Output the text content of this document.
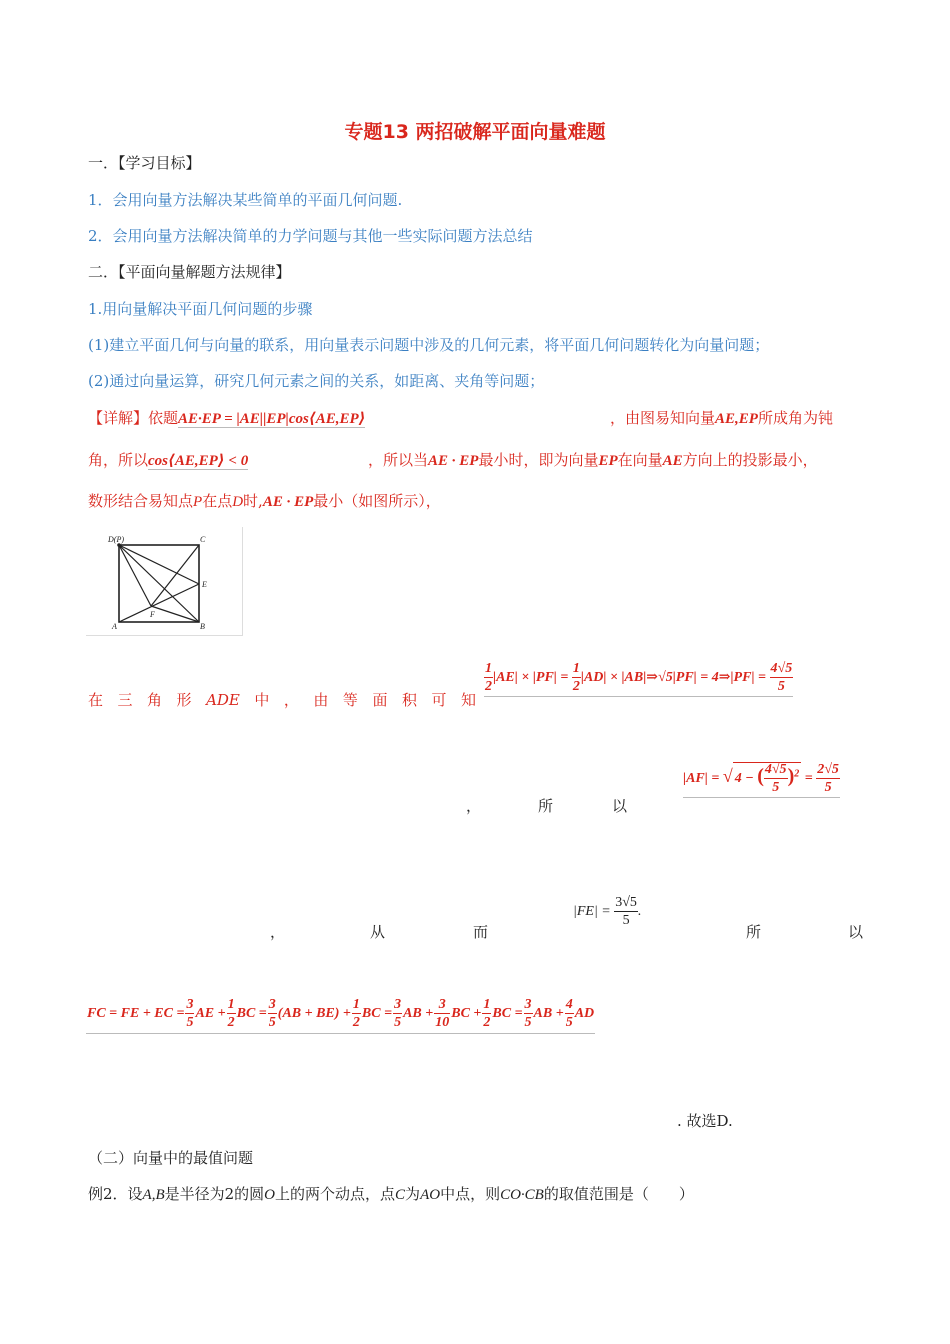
专题13 两招破解平面向量难题
一．【学习目标】
1．会用向量方法解决某些简单的平面几何问题.
2．会用向量方法解决简单的力学问题与其他一些实际问题方法总结
二．【平面向量解题方法规律】
1.用向量解决平面几何问题的步骤
(1)建立平面几何与向量的联系，用向量表示问题中涉及的几何元素，将平面几何问题转化为向量问题；
(2)通过向量运算，研究几何元素之间的关系，如距离、夹角等问题；
【详解】依题AE·EP = |AE||EP|cos⟨AE,EP⟩	，由图易知向量AE,EP所成角为钝
角，所以cos⟨AE,EP⟩ < 0	，所以当AE · EP最小时，即为向量EP在向量AE方向上的投影最小，
数形结合易知点P在点D时,AE · EP最小（如图所示），
D(P)	C
E
F
A	B
在 三 角 形 ADE 中 ， 由 等 面 积 可 知
$\frac{1}{2} |AE| \times |PF| = \frac{1}{2} |AD|$ × |AB|⇒√5|PF| = 4⇒|PF| = $\frac{4√5}{5}$
，	所	以
|AF| = √ 4 − ( $\frac{4√5}{5} )^2 = \frac{2√5}{5}$
，	从	而
$|FE| = \frac{3√5}{5}$ .
所	以
FC = FE + EC = $\frac{3}{5}$ AE + $\frac{1}{2}$ BC = $\frac{3}{5} (AB + BE) + \frac{1}{2}$ BC = $\frac{3}{5}$ AB + $\frac{3}{10}$ BC + $\frac{1}{2}$ BC = $\frac{3}{5}$ AB + $\frac{4}{5}$ AD
. 故选D.
（二）向量中的最值问题
例2．设A,B是半径为2的圆O上的两个动点，点C为AO中点，则CO·CB的取值范围是（　　）
